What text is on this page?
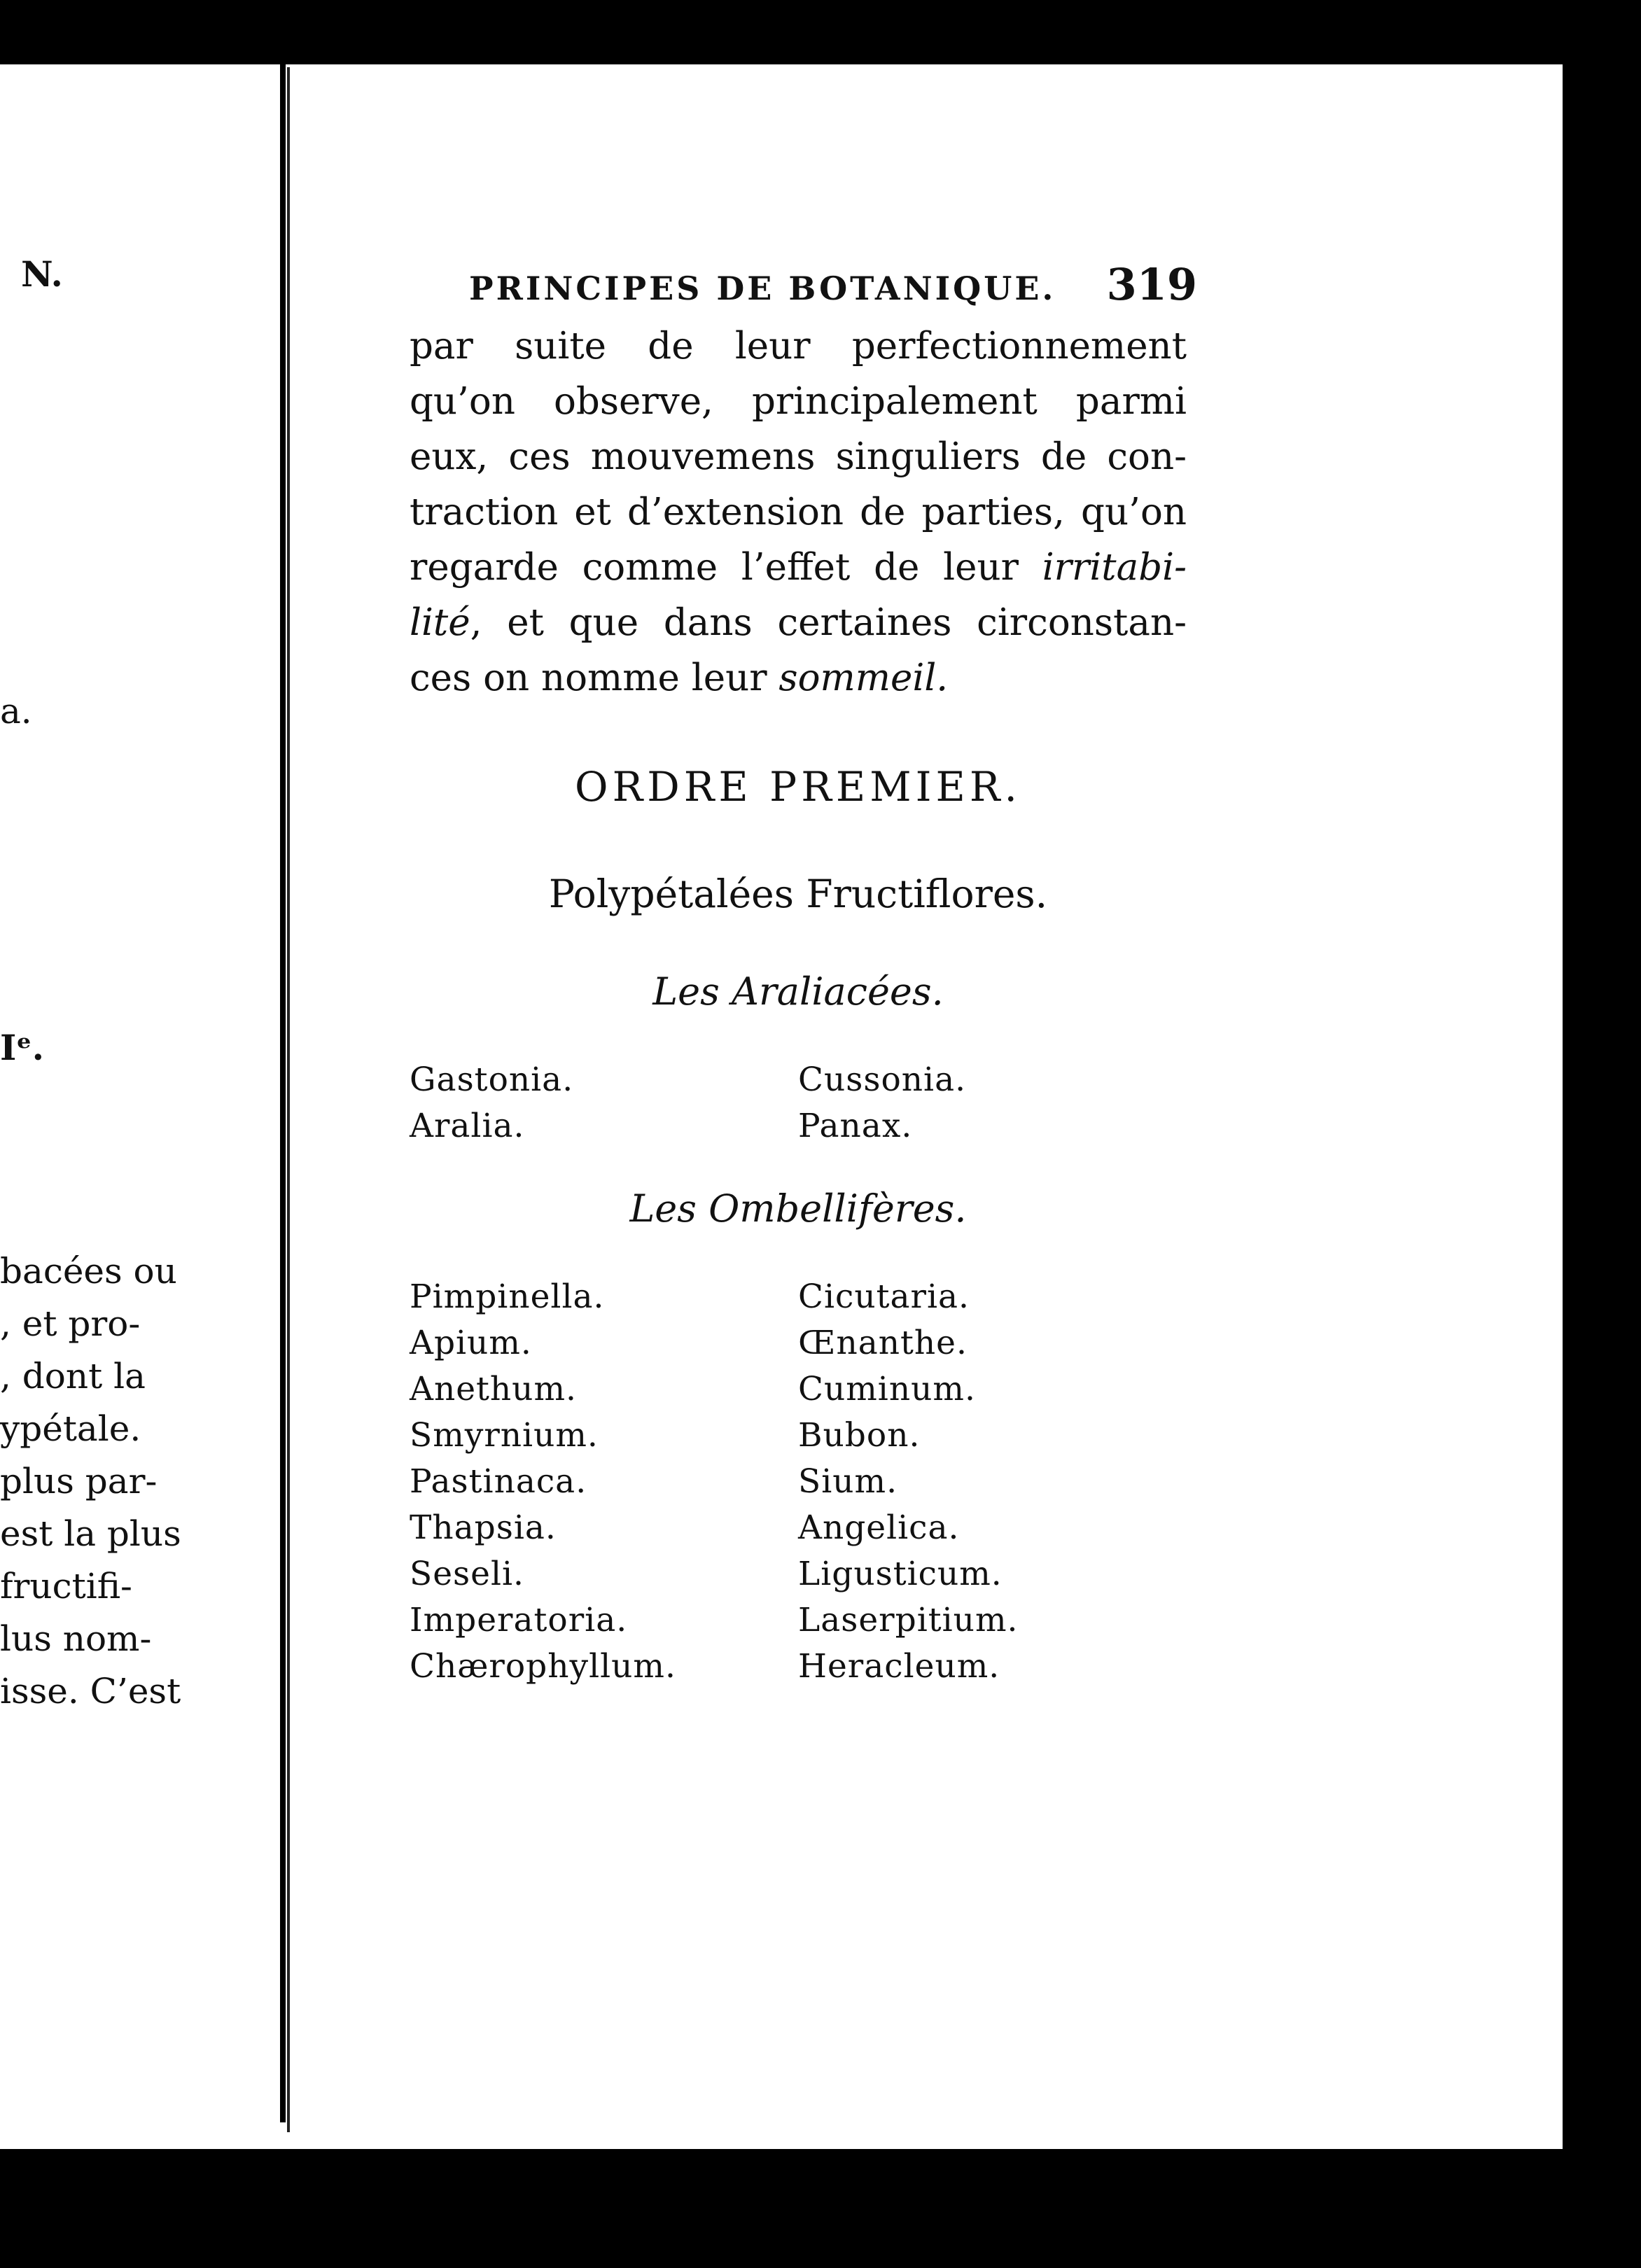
N.
a.
Iᵉ.
bacées ou
, et pro-
, dont la
ypétale.
plus par-
est la plus
fructifi-
lus nom-
isse. C’est
PRINCIPES DE BOTANIQUE. 319
par suite de leur perfectionnement
qu’on observe, principalement parmi
eux, ces mouvemens singuliers de con-
traction et d’extension de parties, qu’on
regarde comme l’effet de leur irritabi-
lité, et que dans certaines circonstan-
ces on nomme leur sommeil.
ORDRE PREMIER.
Polypétalées Fructiflores.
Les Araliacées.
Gastonia.	Cussonia.
Aralia.	Panax.
Les Ombellifères.
Pimpinella.	Cicutaria.
Apium.	Œnanthe.
Anethum.	Cuminum.
Smyrnium.	Bubon.
Pastinaca.	Sium.
Thapsia.	Angelica.
Seseli.	Ligusticum.
Imperatoria.	Laserpitium.
Chærophyllum.	Heracleum.
